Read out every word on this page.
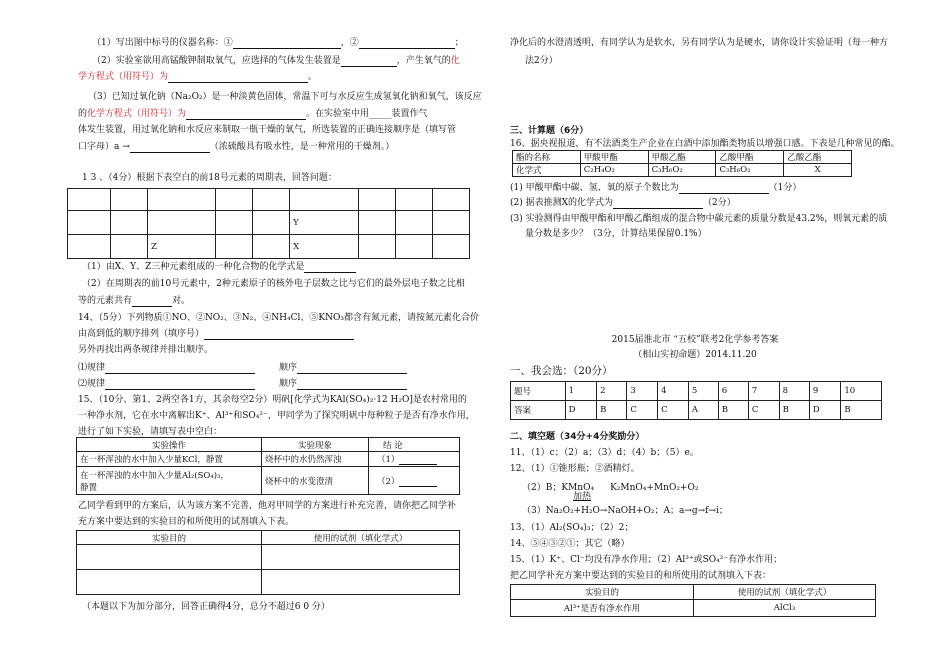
（1）写出图中标号的仪器名称：①	，②	；
（2）实验室欲用高锰酸钾制取氧气，应选择的气体发生装置是	，产生氧气的化
学方程式（用符号）为	。
（3）已知过氧化钠（Na₂O₂）是一种淡黄色固体，常温下可与水反应生成氢氧化钠和氧气，该反应
的化学方程式（用符号）为	。在实验室中用_____装置作气
体发生装置，用过氧化钠和水反应来制取一瓶干燥的氧气，所选装置的正确连接顺序是（填写管
口字母）a →	（浓硫酸具有吸水性，是一种常用的干燥剂。）
1 3 、（4分）根据下表空白的前18号元素的周期表，回答问题：

					Y			
		Z			X			
（1）由X、Y、Z三种元素组成的一种化合物的化学式是
（2）在周期表的前10号元素中，2种元素原子的核外电子层数之比与它们的最外层电子数之比相
等的元素共有	对。
14、（5分）下列物质①NO、②NO₂、③N₂、④NH₄Cl、⑤KNO₃都含有氮元素，请按氮元素化合价
由高到低的顺序排列（填序号）
另外再找出两条规律并排出顺序。
⑴规律	顺序
⑵规律	顺序
15、（10分、第1、2两空各1方，其余每空2分）明矾[化学式为KAl(SO₄)₂·12 H₂O]是农村常用的
一种净水剂，它在水中离解出K⁺、Al³⁺和SO₄²⁻，甲同学为了探究明矾中每种粒子是否有净水作用，
进行了如下实验，请填写表中空白：
实验操作	实验现象	结 论
在一杯浑浊的水中加入少量KCl，静置	烧杯中的水仍然浑浊	（1）

在一杯浑浊的水中加入少量Al₂(SO₄)₃，
静置	烧杯中的水变澄清	（2）
乙同学看到甲的方案后，认为该方案不完善，他对甲同学的方案进行补充完善，请你把乙同学补
充方案中要达到的实验目的和所使用的试剂填入下表。
实验目的	使用的试剂（填化学式）

（本题以下为加分部分，回答正确得4分，总分不超过6 0 分）
净化后的水澄清透明，有同学认为是软水，另有同学认为是硬水，请你设计实验证明（每一种方
法2分）
三、计算题（6分）
16、据央视报道，有不法酒类生产企业在白酒中添加酯类物质以增强口感。下表是几种常见的酯。
酯的名称	甲酸甲酯	甲酸乙酯	乙酸甲酯	乙酸乙酯
化学式	C₂H₄O₂	C₃H₆O₂	C₃H₆O₂	X
(1) 甲酸甲酯中碳、氢、氧的原子个数比为	（1分）
(2) 据表推测X的化学式为	（2分）
(3) 实验测得由甲酸甲酯和甲酸乙酯组成的混合物中碳元素的质量分数是43.2%，则氧元素的质
量分数是多少？（3分，计算结果保留0.1%）
2015届淮北市 “五校”联考2化学参考答案
（相山实初命题）2014.11.20
一、我会选：（20分）
题号	1	2	3	4	5	6	7	8	9	10
答案	D	B	C	C	A	B	C	B	D	B
二、填空题（34分+4分奖励分）
11、（1）c；（2）a；（3）d；（4）b；（5）e。
12、（1）①锥形瓶；②酒精灯。
（2）B；KMnO₄ K₂MnO₄+MnO₂+O₂
加热
（3）Na₂O₂+H₂O→NaOH+O₂；A；a→g→f→i；
13、（1）Al₂(SO₄)₃；（2）2；
14、⑤④③②①；其它（略）
15、（1）K⁺、Cl⁻均没有净水作用；（2）Al³⁺或SO₄²⁻有净水作用；
把乙同学补充方案中要达到的实验目的和所使用的试剂填入下表：
实验目的	使用的试剂（填化学式）
Al³⁺是否有净水作用	AlCl₃
